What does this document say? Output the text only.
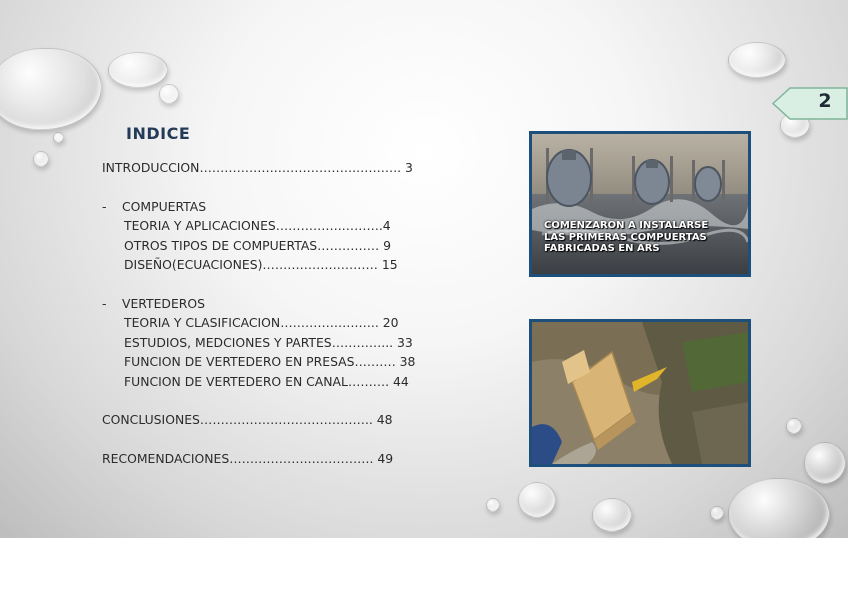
2
INDICE
INTRODUCCION……………….……………….……….. 3
- COMPUERTAS
TEORIA Y APLICACIONES…………….……….4
OTROS TIPOS DE COMPUERTAS…………… 9
DISEÑO(ECUACIONES)……………….……… 15
- VERTEDEROS
TEORIA Y CLASIFICACION……………….….. 20
ESTUDIOS, MEDCIONES Y PARTES…………... 33
FUNCION DE VERTEDERO EN PRESAS………. 38
FUNCION DE VERTEDERO EN CANAL………. 44
CONCLUSIONES……………….………………….. 48
RECOMENDACIONES……………….……………. 49
COMENZARON A INSTALARSE
LAS PRIMERAS COMPUERTAS
FABRICADAS EN ARS
